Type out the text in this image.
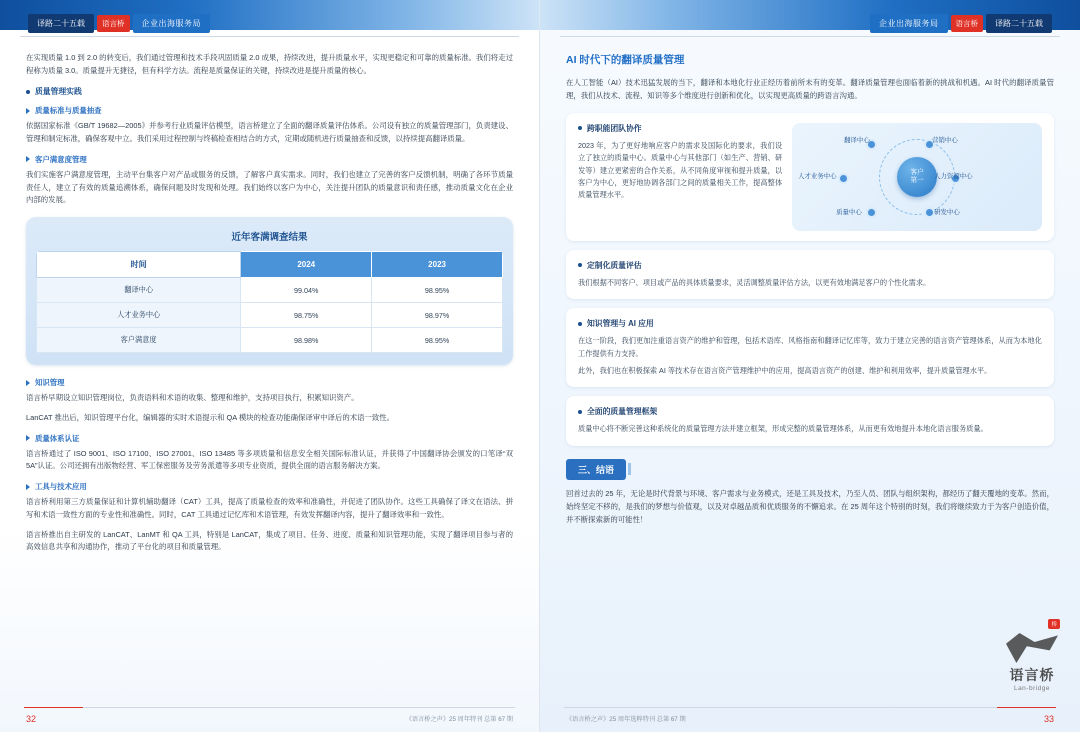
译路二十五载	语言桥	企业出海服务局

在实现质量 1.0 到 2.0 的转变后，我们通过管理和技术手段巩固质量 2.0 成果，持续改进，提升质量水平，实现更稳定和可靠的质量标准。我们将走过程称为质量 3.0。质量提升无捷径，但有科学方法。流程是质量保证的关键，持续改进是提升质量的核心。

质量管理实践
质量标准与质量抽查

依据国家标准《GB/T 19682—2005》并参考行业质量评估模型，语言桥建立了全面的翻译质量评估体系。公司设有独立的质量管理部门，负责建设、管理和制定标准，确保客观中立。我们采用过程控制与终稿检查相结合的方式，定期或随机进行质量抽查和反馈，以持续提高翻译质量。

客户满意度管理

我们实施客户满意度管理，主动平台集客户对产品或服务的反馈，了解客户真实需求。同时，我们也建立了完善的客户反馈机制，明确了各环节质量责任人，建立了有效的质量追溯体系，确保问题及时发现和处理。我们始终以客户为中心，关注提升团队的质量意识和责任感，推动质量文化在企业内部的发展。

近年客满调查结果
时间	2024	2023
翻译中心	99.04%	98.95%
人才业务中心	98.75%	98.97%
客户满意度	98.98%	98.95%
知识管理

语言桥早期设立知识管理岗位，负责语料和术语的收集、整理和维护，支持项目执行，积累知识资产。

LanCAT 推出后，知识管理平台化，编辑器的实时术语提示和 QA 模块的检查功能确保译审中译后的术语一致性。

质量体系认证

语言桥通过了 ISO 9001、ISO 17100、ISO 27001、ISO 13485 等多项质量和信息安全相关国际标准认证，并获得了中国翻译协会颁发的口笔译“双 5A”认证。公司还拥有出版物经营、军工保密服务及劳务派遣等多项专业资质，提供全面的语言服务解决方案。

工具与技术应用

语言桥利用第三方质量保证和计算机辅助翻译（CAT）工具，提高了质量检查的效率和准确性，并促进了团队协作。这些工具确保了译文在语法、拼写和术语一致性方面的专业性和准确性。同时，CAT 工具通过记忆库和术语管理，有效发挥翻译内容，提升了翻译效率和一致性。

语言桥推出自主研发的 LanCAT、LanMT 和 QA 工具，特别是 LanCAT，集成了项目、任务、进度、质量和知识管理功能，实现了翻译项目参与者的高效信息共享和沟通协作，推动了平台化的项目和质量管理。

32	《语言桥之声》25 周年特刊 总第 67 期
企业出海服务局	语言桥	译路二十五载
AI 时代下的翻译质量管理

在人工智能（AI）技术迅猛发展的当下，翻译和本地化行业正经历着前所未有的变革。翻译质量管理也面临着新的挑战和机遇。AI 时代的翻译质量管理，我们从技术、流程、知识等多个维度进行创新和优化，以实现更高质量的跨语言沟通。

跨职能团队协作

2023 年，为了更好地响应客户的需求及国际化的要求，我们设立了独立的质量中心。质量中心与其他部门（如生产、营销、研发等）建立更紧密的合作关系，从不同角度审视和提升质量，以客户为中心，更好地协调各部门之间的质量相关工作，提高整体质量管理水平。

客户
第一
翻译中心	营销中心
人力资源中心
研发中心
质量中心
人才业务中心
定制化质量评估

我们根据不同客户、项目或产品的具体质量要求，灵活调整质量评估方法，以更有效地满足客户的个性化需求。

知识管理与 AI 应用

在这一阶段，我们更加注重语言资产的维护和管理，包括术语库、风格指南和翻译记忆库等，致力于建立完善的语言资产管理体系，从而为本地化工作提供有力支持。

此外，我们也在积极探索 AI 等技术存在语言资产管理维护中的应用，提高语言资产的创建、维护和利用效率，提升质量管理水平。

全面的质量管理框架

质量中心将不断完善这种系统化的质量管理方法并建立框架，形成完整的质量管理体系，从而更有效地提升本地化语言服务质量。

三、结语

回首过去的 25 年，无论是时代背景与环境、客户需求与业务模式，还是工具及技术，乃至人员、团队与组织架构，都经历了翻天覆地的变革。然而，始终坚定不移的，是我们的梦想与价值观，以及对卓越品质和优质服务的不懈追求。在 25 周年这个特别的时刻，我们将继续致力于为客户创造价值，并不断探索新的可能性！

桥
语言桥
Lan-bridge
33
《语言桥之声》25 周年选粹特刊 总第 67 期
